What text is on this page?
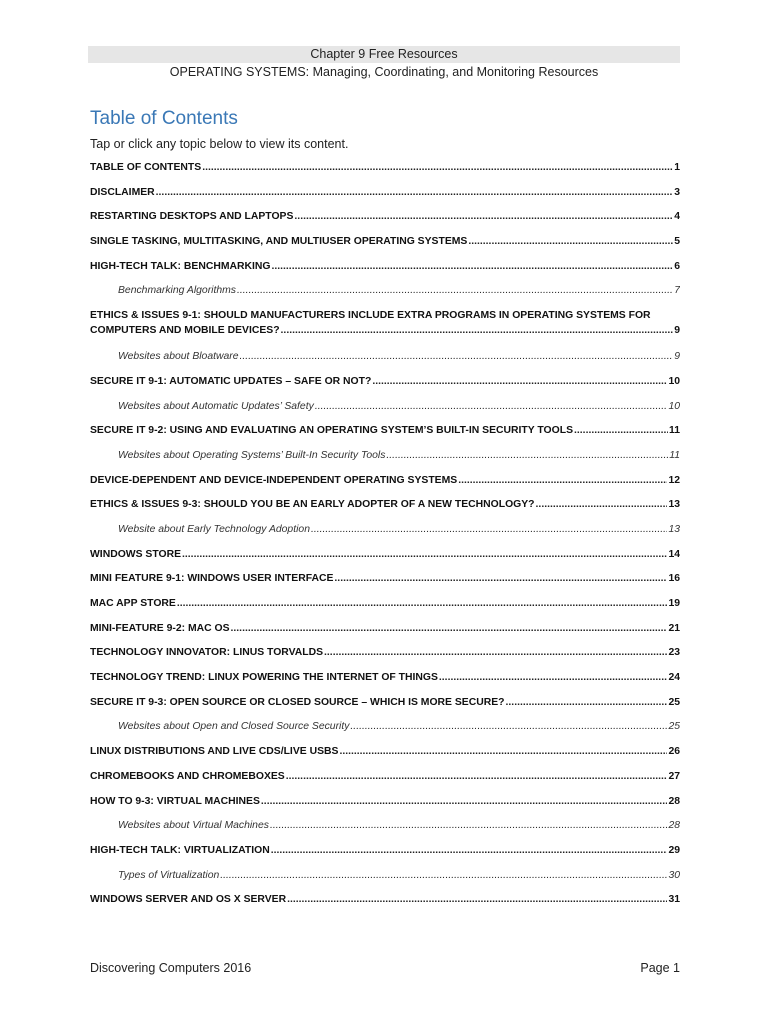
Chapter 9 Free Resources
OPERATING SYSTEMS: Managing, Coordinating, and Monitoring Resources
Table of Contents
Tap or click any topic below to view its content.
TABLE OF CONTENTS .....	1
DISCLAIMER .....	3
RESTARTING DESKTOPS AND LAPTOPS .....	4
SINGLE TASKING, MULTITASKING, AND MULTIUSER OPERATING SYSTEMS .....	5
HIGH-TECH TALK: BENCHMARKING .....	6
Benchmarking Algorithms .....	7
ETHICS & ISSUES 9-1: SHOULD MANUFACTURERS INCLUDE EXTRA PROGRAMS IN OPERATING SYSTEMS FOR
COMPUTERS AND MOBILE DEVICES? .....	9
Websites about Bloatware .....	9
SECURE IT 9-1: AUTOMATIC UPDATES – SAFE OR NOT? .....	10
Websites about Automatic Updates’ Safety .....	10
SECURE IT 9-2: USING AND EVALUATING AN OPERATING SYSTEM’S BUILT-IN SECURITY TOOLS .....	11
Websites about Operating Systems’ Built-In Security Tools .....	11
DEVICE-DEPENDENT AND DEVICE-INDEPENDENT OPERATING SYSTEMS .....	12
ETHICS & ISSUES 9-3: SHOULD YOU BE AN EARLY ADOPTER OF A NEW TECHNOLOGY? .....	13
Website about Early Technology Adoption .....	13
WINDOWS STORE .....	14
MINI FEATURE 9-1: WINDOWS USER INTERFACE .....	16
MAC APP STORE .....	19
MINI-FEATURE 9-2: MAC OS .....	21
TECHNOLOGY INNOVATOR: LINUS TORVALDS .....	23
TECHNOLOGY TREND: LINUX POWERING THE INTERNET OF THINGS .....	24
SECURE IT 9-3: OPEN SOURCE OR CLOSED SOURCE – WHICH IS MORE SECURE? .....	25
Websites about Open and Closed Source Security .....	25
LINUX DISTRIBUTIONS AND LIVE CDS/LIVE USBS .....	26
CHROMEBOOKS AND CHROMEBOXES .....	27
HOW TO 9-3: VIRTUAL MACHINES .....	28
Websites about Virtual Machines .....	28
HIGH-TECH TALK: VIRTUALIZATION .....	29
Types of Virtualization .....	30
WINDOWS SERVER AND OS X SERVER .....	31
Discovering Computers 2016	Page 1
